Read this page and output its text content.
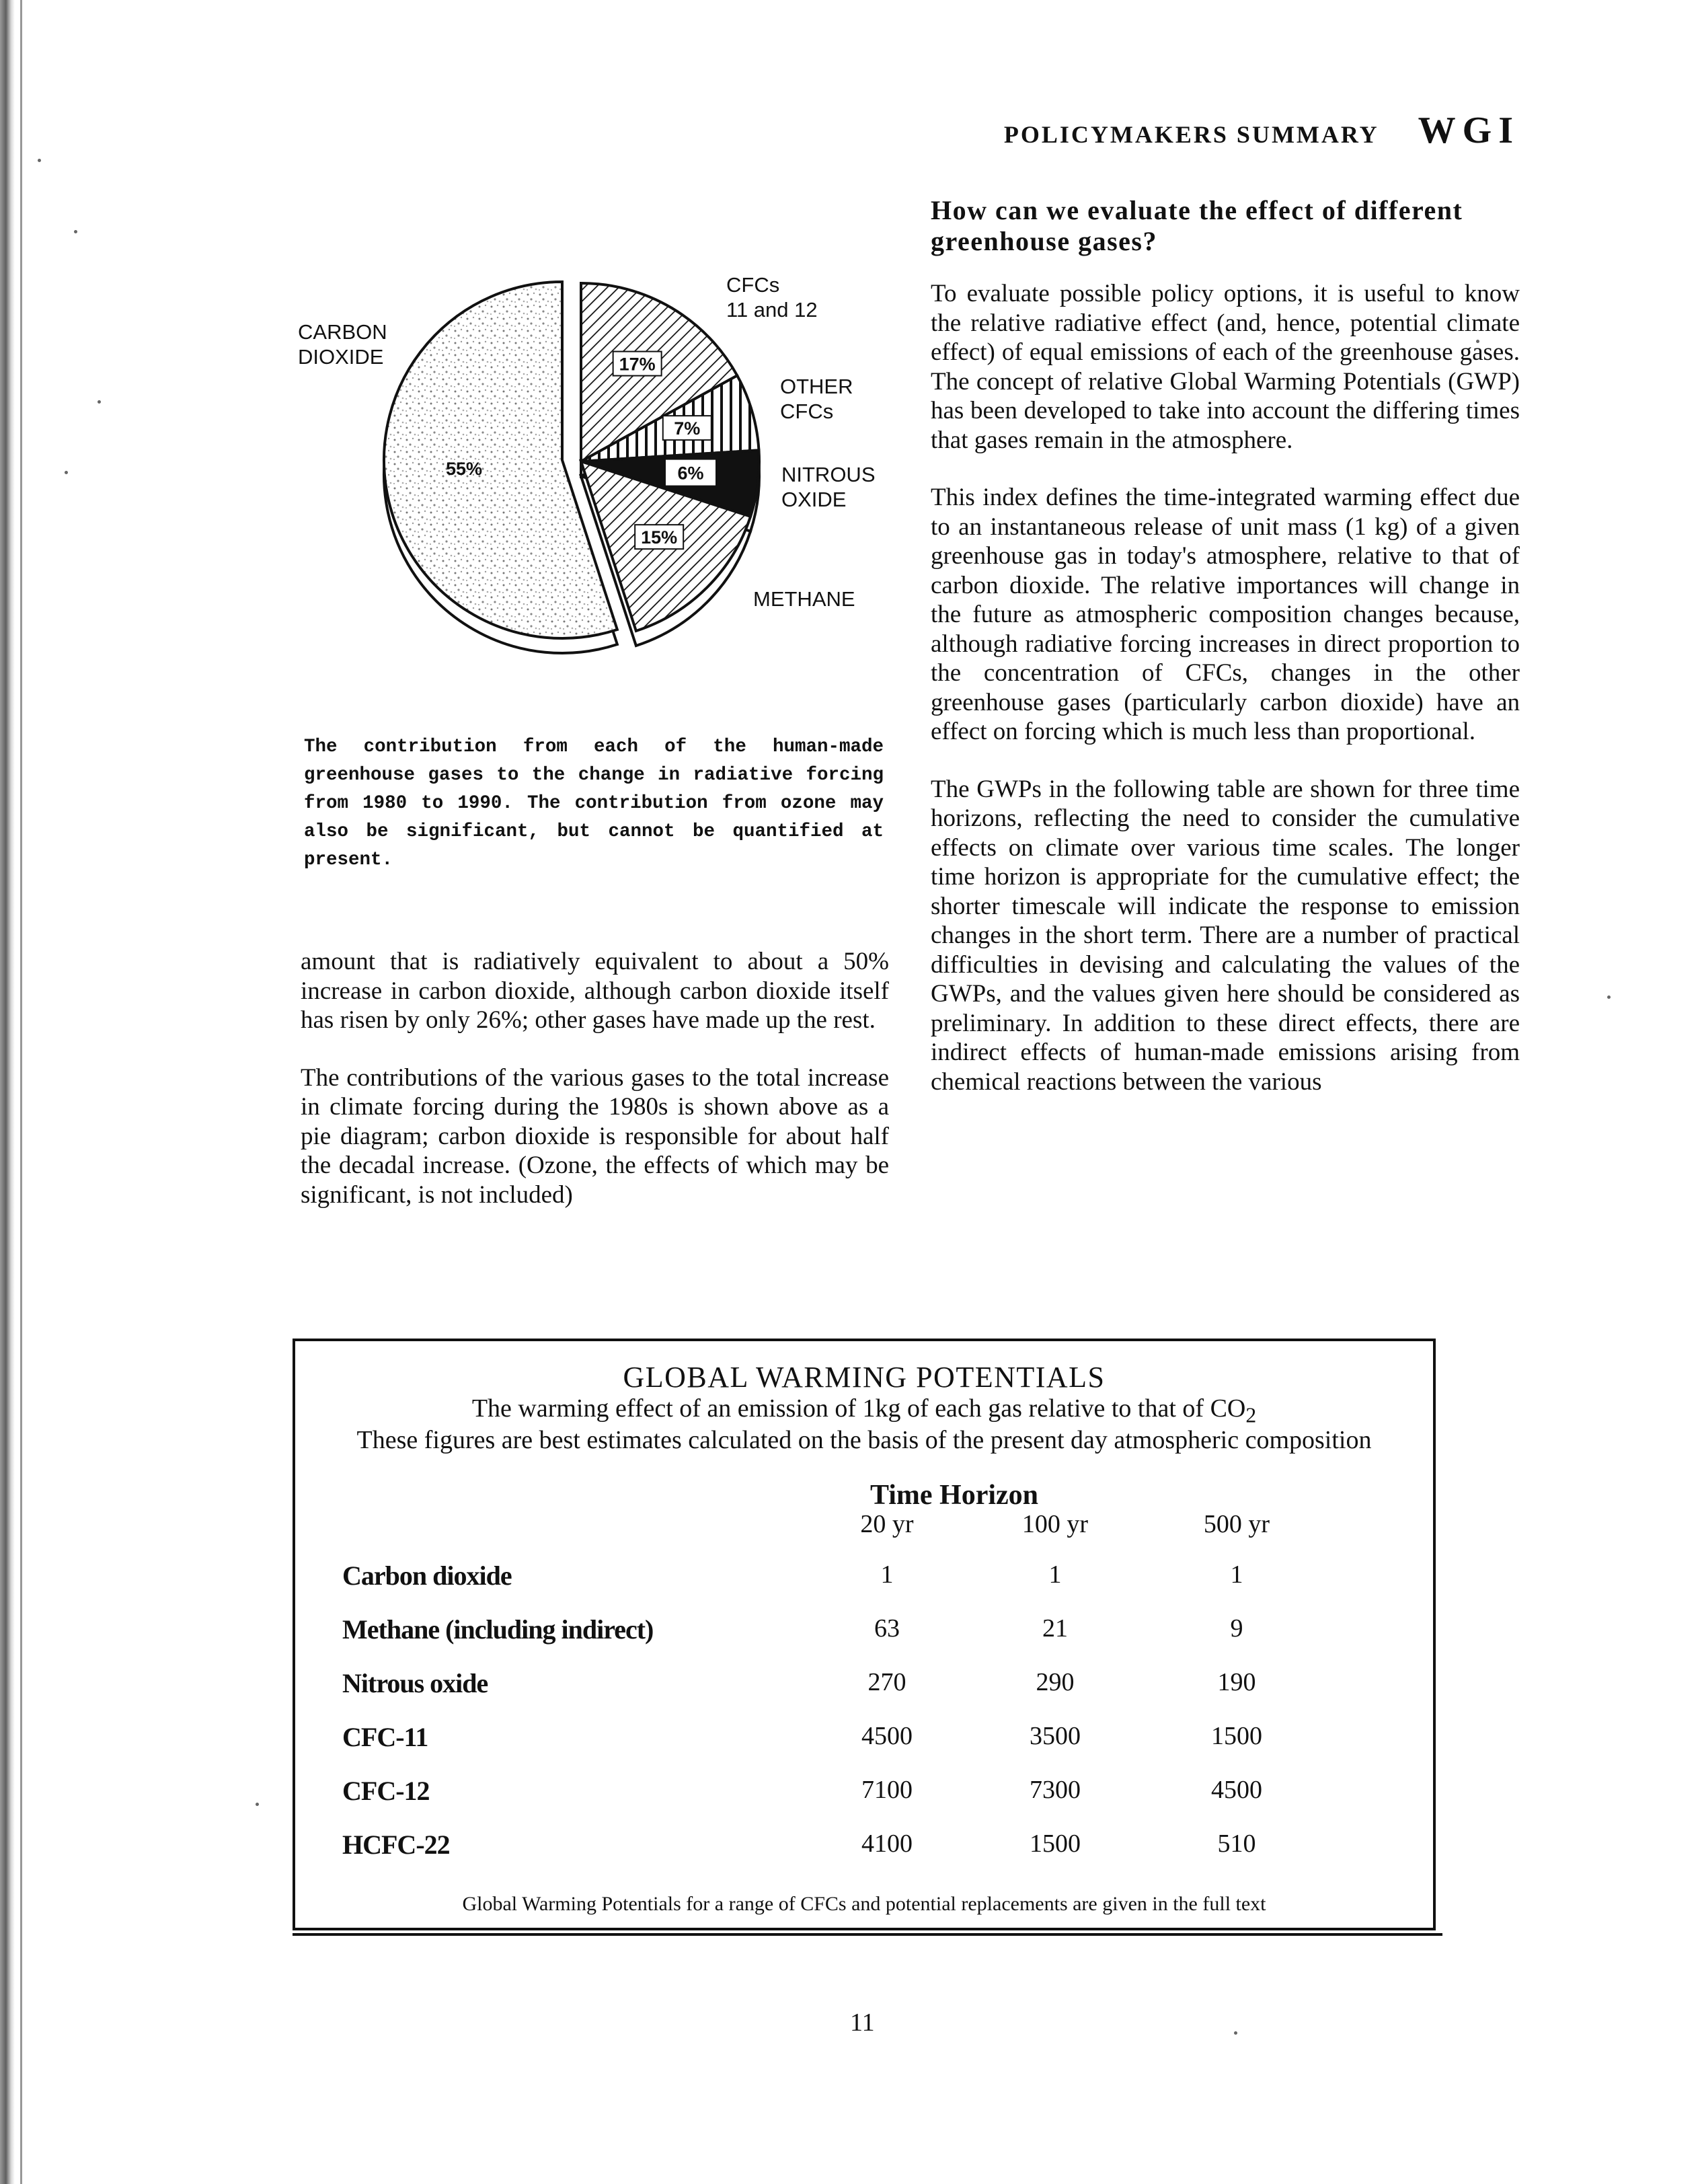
POLICYMAKERS SUMMARY WGI
17%
7%
6%
15%
55%
CARBON
DIOXIDE
CFCs
11 and 12
OTHER
CFCs
NITROUS
OXIDE
METHANE
The contribution from each of the human-made greenhouse gases to the change in radiative forcing from 1980 to 1990. The contribution from ozone may also be significant, but cannot be quantified at present.

amount that is radiatively equivalent to about a 50% increase in carbon dioxide, although carbon dioxide itself has risen by only 26%; other gases have made up the rest.

The contributions of the various gases to the total increase in climate forcing during the 1980s is shown above as a pie diagram; carbon dioxide is responsible for about half the decadal increase. (Ozone, the effects of which may be significant, is not included)

How can we evaluate the effect of different greenhouse gases?

To evaluate possible policy options, it is useful to know the relative radiative effect (and, hence, potential climate effect) of equal emissions of each of the greenhouse gases. The concept of relative Global Warming Potentials (GWP) has been developed to take into account the differing times that gases remain in the atmosphere.

This index defines the time-integrated warming effect due to an instantaneous release of unit mass (1 kg) of a given greenhouse gas in today's atmosphere, relative to that of carbon dioxide. The relative importances will change in the future as atmospheric composition changes because, although radiative forcing increases in direct proportion to the concentration of CFCs, changes in the other greenhouse gases (particularly carbon dioxide) have an effect on forcing which is much less than proportional.

The GWPs in the following table are shown for three time horizons, reflecting the need to consider the cumulative effects on climate over various time scales. The longer time horizon is appropriate for the cumulative effect; the shorter timescale will indicate the response to emission changes in the short term. There are a number of practical difficulties in devising and calculating the values of the GWPs, and the values given here should be considered as preliminary. In addition to these direct effects, there are indirect effects of human-made emissions arising from chemical reactions between the various

GLOBAL WARMING POTENTIALS
The warming effect of an emission of 1kg of each gas relative to that of $CO_2$
These figures are best estimates calculated on the basis of the present day atmospheric composition
Time Horizon
20 yr	100 yr	500 yr
Carbon dioxide	1	1	1
Methane (including indirect)	63	21	9
Nitrous oxide	270	290	190
CFC-11	4500	3500	1500
CFC-12	7100	7300	4500
HCFC-22	4100	1500	510
Global Warming Potentials for a range of CFCs and potential replacements are given in the full text
11
